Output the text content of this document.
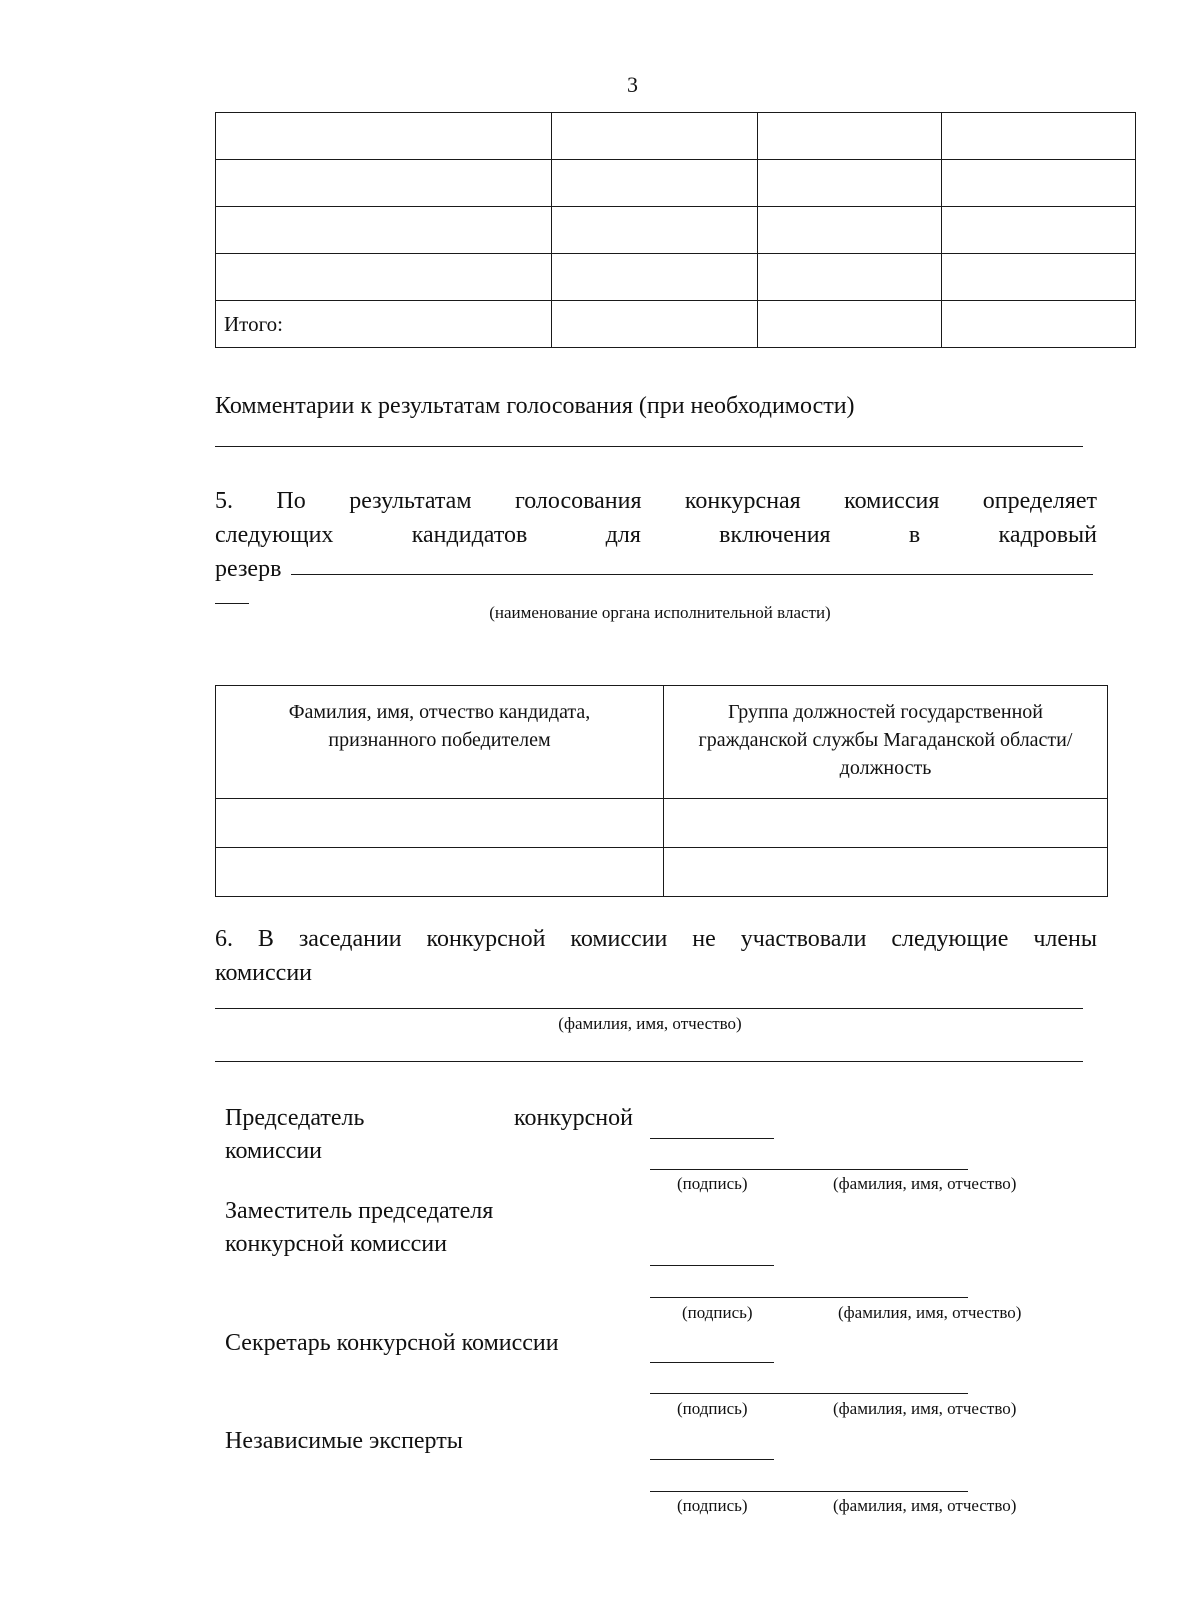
3

Итого:			
Комментарии к результатам голосования (при необходимости)
5. По результатам голосования конкурсная комиссия определяет
следующих кандидатов для включения в кадровый
резерв
(наименование органа исполнительной власти)
Фамилия, имя, отчество кандидата, признанного победителем	Группа должностей государственной гражданской службы Магаданской области/должность

6. В заседании конкурсной комиссии не участвовали следующие члены
комиссии
(фамилия, имя, отчество)
Председатель конкурсной
комиссии
(подпись)	(фамилия, имя, отчество)
Заместитель председателя
конкурсной комиссии
(подпись)	(фамилия, имя, отчество)
Секретарь конкурсной комиссии
(подпись)	(фамилия, имя, отчество)
Независимые эксперты
(подпись)	(фамилия, имя, отчество)
